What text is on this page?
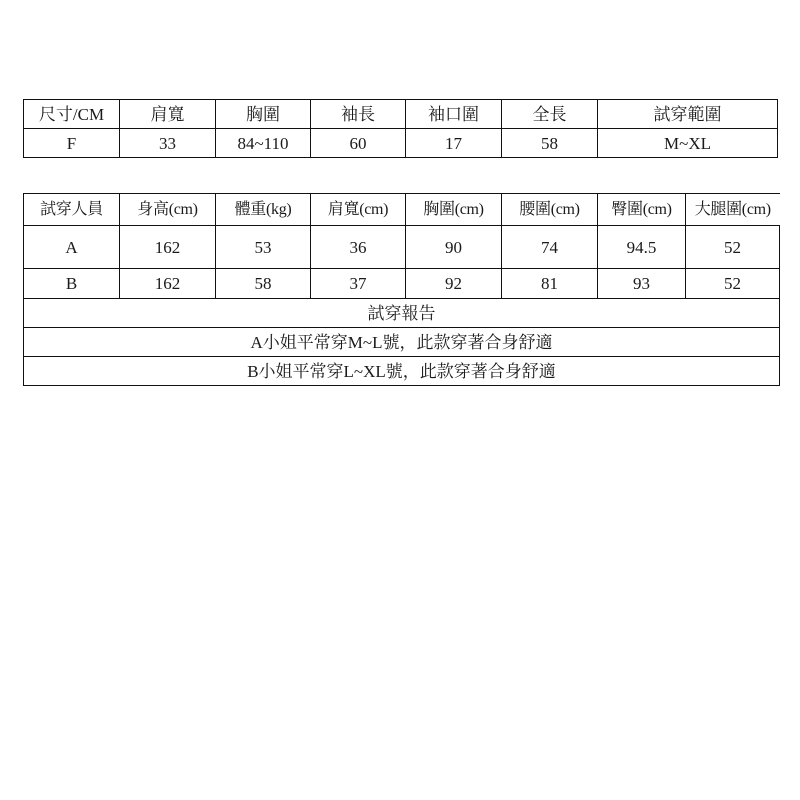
尺寸/CM	肩寬	胸圍	袖長	袖口圍	全長	試穿範圍
F	33	84~110	60	17	58	M~XL
試穿人員	身高(cm)	體重(kg)	肩寬(cm)	胸圍(cm)	腰圍(cm)	臀圍(cm)	大腿圍(cm)
A	162	53	36	90	74	94.5	52
B	162	58	37	92	81	93	52
試穿報告							
A小姐平常穿M~L號，此款穿著合身舒適							
B小姐平常穿L~XL號，此款穿著合身舒適							
